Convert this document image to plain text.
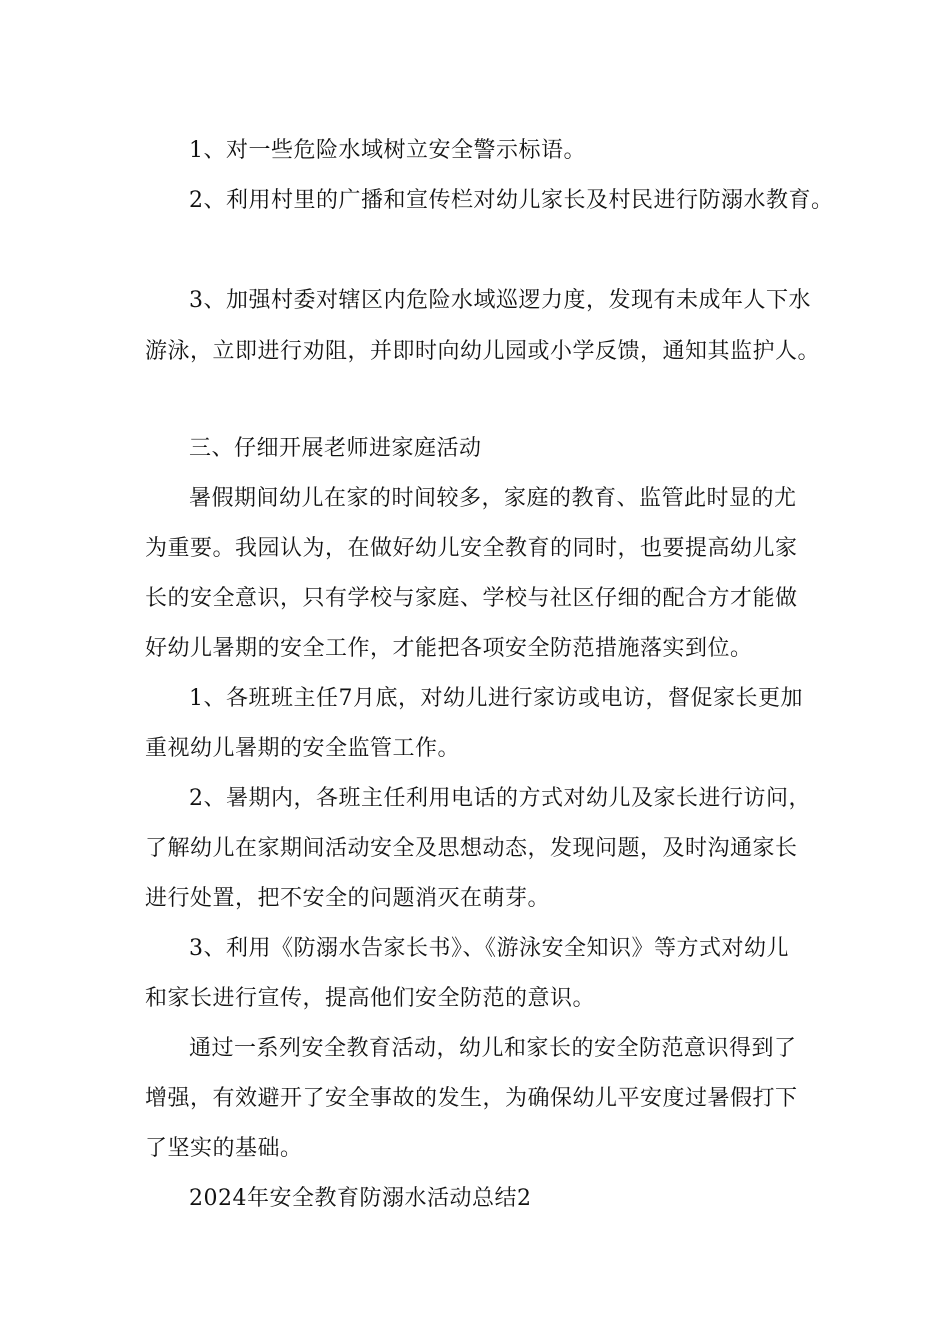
1、对一些危险水域树立安全警示标语。
2、利用村里的广播和宣传栏对幼儿家长及村民进行防溺水教育。
3、加强村委对辖区内危险水域巡逻力度，发现有未成年人下水
游泳，立即进行劝阻，并即时向幼儿园或小学反馈，通知其监护人。
三、仔细开展老师进家庭活动
暑假期间幼儿在家的时间较多，家庭的教育、监管此时显的尤
为重要。我园认为，在做好幼儿安全教育的同时，也要提高幼儿家
长的安全意识，只有学校与家庭、学校与社区仔细的配合方才能做
好幼儿暑期的安全工作，才能把各项安全防范措施落实到位。
1、各班班主任7月底，对幼儿进行家访或电访，督促家长更加
重视幼儿暑期的安全监管工作。
2、暑期内，各班主任利用电话的方式对幼儿及家长进行访问，
了解幼儿在家期间活动安全及思想动态，发现问题，及时沟通家长
进行处置，把不安全的问题消灭在萌芽。
3、利用《防溺水告家长书》、《游泳安全知识》等方式对幼儿
和家长进行宣传，提高他们安全防范的意识。
通过一系列安全教育活动，幼儿和家长的安全防范意识得到了
增强，有效避开了安全事故的发生，为确保幼儿平安度过暑假打下
了坚实的基础。
2024年安全教育防溺水活动总结2
